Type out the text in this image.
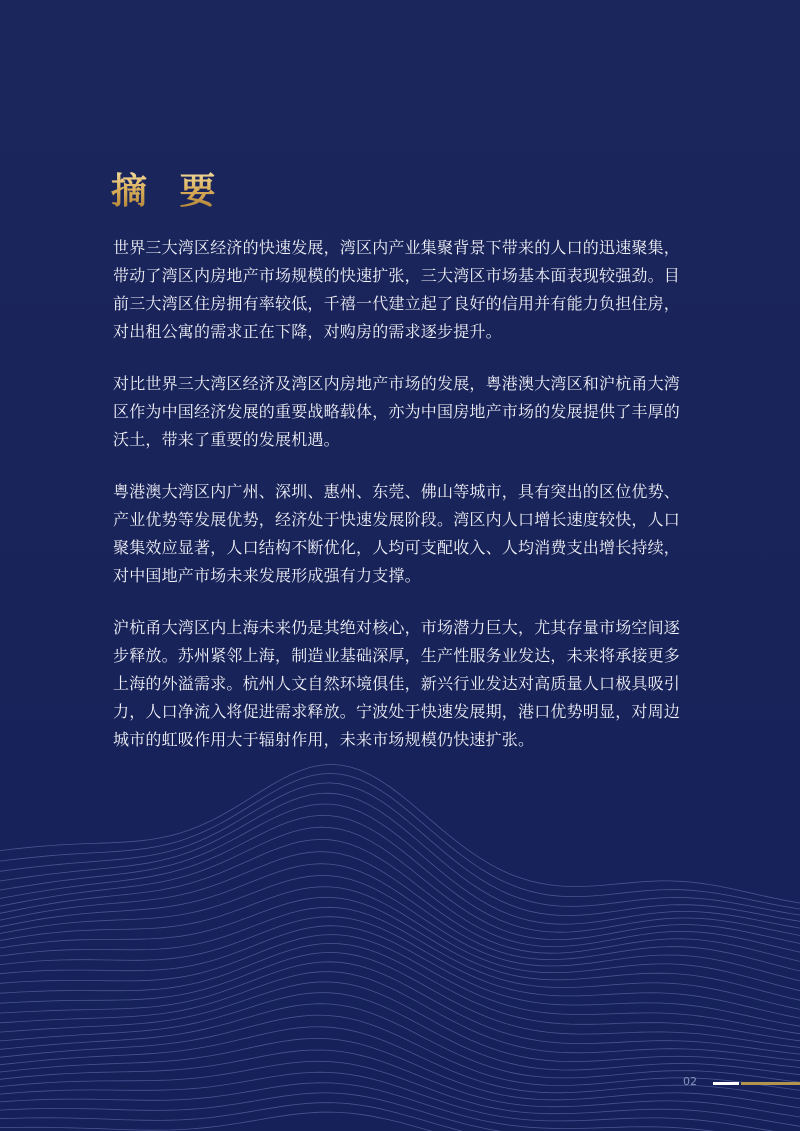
摘 要

世界三大湾区经济的快速发展，湾区内产业集聚背景下带来的人口的迅速聚集，带动了湾区内房地产市场规模的快速扩张，三大湾区市场基本面表现较强劲。目前三大湾区住房拥有率较低，千禧一代建立起了良好的信用并有能力负担住房，对出租公寓的需求正在下降，对购房的需求逐步提升。

对比世界三大湾区经济及湾区内房地产市场的发展，粤港澳大湾区和沪杭甬大湾区作为中国经济发展的重要战略载体，亦为中国房地产市场的发展提供了丰厚的沃土，带来了重要的发展机遇。

粤港澳大湾区内广州、深圳、惠州、东莞、佛山等城市，具有突出的区位优势、产业优势等发展优势，经济处于快速发展阶段。湾区内人口增长速度较快，人口聚集效应显著，人口结构不断优化，人均可支配收入、人均消费支出增长持续，对中国地产市场未来发展形成强有力支撑。

沪杭甬大湾区内上海未来仍是其绝对核心，市场潜力巨大，尤其存量市场空间逐步释放。苏州紧邻上海，制造业基础深厚，生产性服务业发达，未来将承接更多上海的外溢需求。杭州人文自然环境俱佳，新兴行业发达对高质量人口极具吸引力，人口净流入将促进需求释放。宁波处于快速发展期，港口优势明显，对周边城市的虹吸作用大于辐射作用，未来市场规模仍快速扩张。

02
